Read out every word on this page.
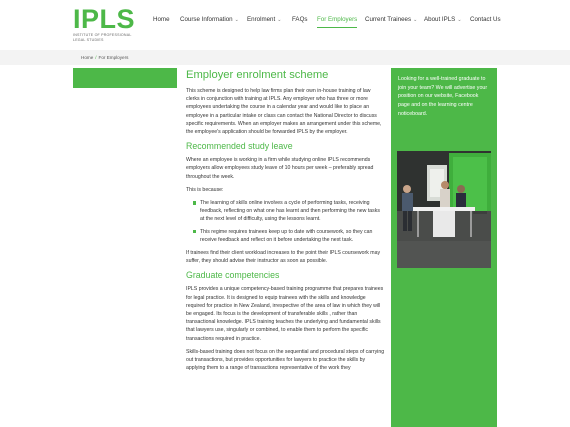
IPLS
INSTITUTE OF PROFESSIONAL
LEGAL STUDIES
Home Course Information ⌄ Enrolment ⌄ FAQs For Employers Current Trainees ⌄ About IPLS ⌄ Contact Us
Home / For Employers
Employer enrolment scheme

This scheme is designed to help law firms plan their own in-house training of law clerks in conjunction with training at IPLS. Any employer who has three or more employees undertaking the course in a calendar year and would like to place an employee in a particular intake or class can contact the National Director to discuss specific requirements. When an employer makes an arrangement under this scheme, the employee's application should be forwarded IPLS by the employer.

Recommended study leave

Where an employee is working in a firm while studying online IPLS recommends employers allow employees study leave of 10 hours per week – preferably spread throughout the week.

This is because:

The learning of skills online involves a cycle of performing tasks, receiving feedback, reflecting on what one has learnt and then performing the new tasks at the next level of difficulty, using the lessons learnt.
This regime requires trainees keep up to date with coursework, so they can receive feedback and reflect on it before undertaking the next task.

If trainees find their client workload increases to the point their IPLS coursework may suffer, they should advise their instructor as soon as possible.

Graduate competencies

IPLS provides a unique competency-based training programme that prepares trainees for legal practice. It is designed to equip trainees with the skills and knowledge required for practice in New Zealand, irrespective of the area of law in which they will be engaged. Its focus is the development of transferable skills , rather than transactional knowledge. IPLS training teaches the underlying and fundamental skills that lawyers use, singularly or combined, to enable them to perform the specific transactions required in practice.

Skills-based training does not focus on the sequential and procedural steps of carrying out transactions, but provides opportunities for lawyers to practice the skills by applying them to a range of transactions representative of the work they

Looking for a well-trained graduate to join your team? We will advertise your position on our website, Facebook page and on the learning centre noticeboard.
